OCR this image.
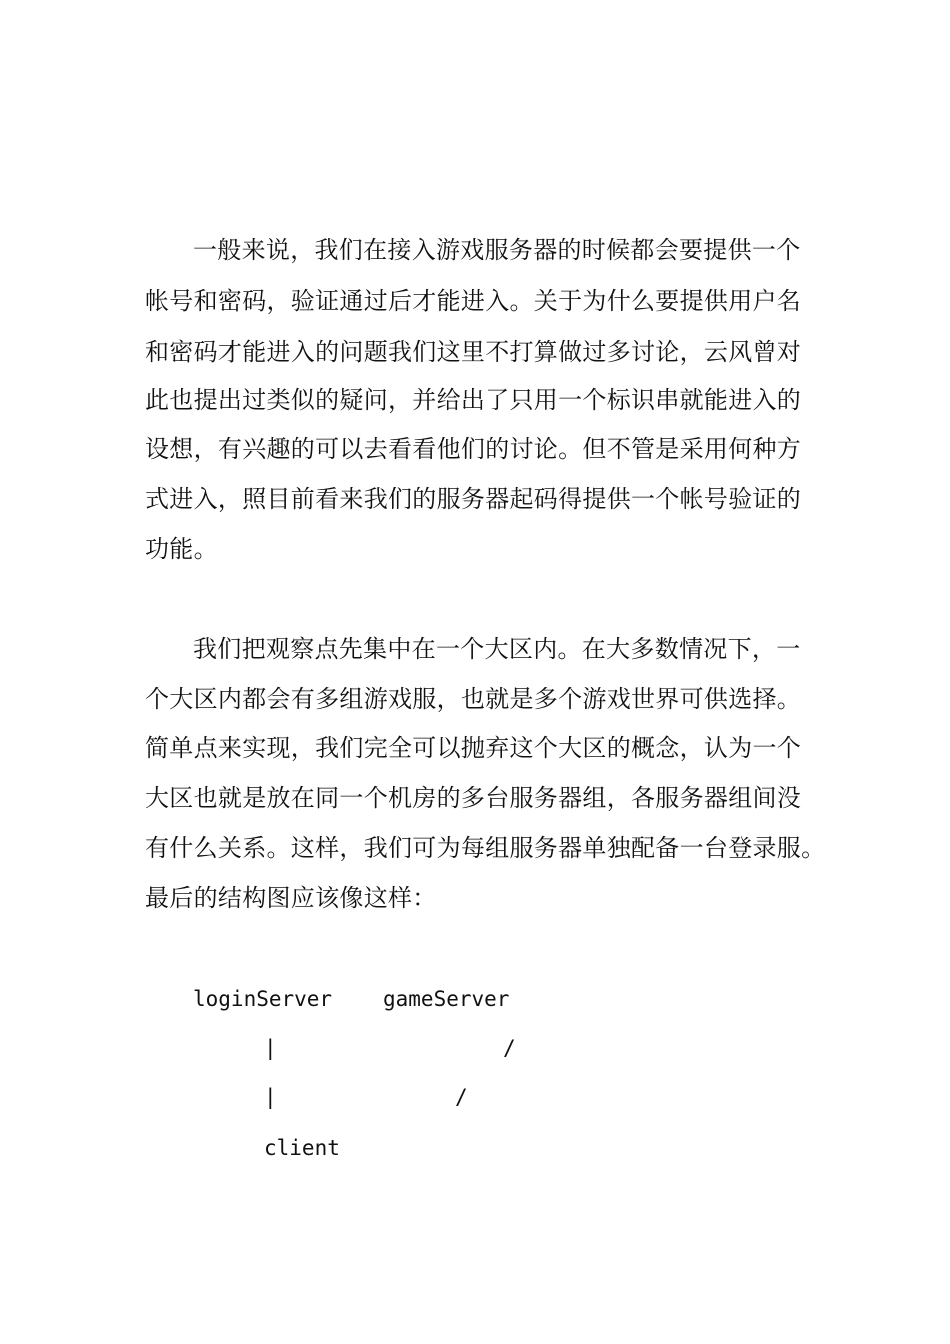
一般来说，我们在接入游戏服务器的时候都会要提供一个
帐号和密码，验证通过后才能进入。关于为什么要提供用户名
和密码才能进入的问题我们这里不打算做过多讨论，云风曾对
此也提出过类似的疑问，并给出了只用一个标识串就能进入的
设想，有兴趣的可以去看看他们的讨论。但不管是采用何种方
式进入，照目前看来我们的服务器起码得提供一个帐号验证的
功能。
我们把观察点先集中在一个大区内。在大多数情况下，一
个大区内都会有多组游戏服，也就是多个游戏世界可供选择。
简单点来实现，我们完全可以抛弃这个大区的概念，认为一个
大区也就是放在同一个机房的多台服务器组，各服务器组间没
有什么关系。这样，我们可为每组服务器单独配备一台登录服。
最后的结构图应该像这样：
loginServer gameServer
|	/
|	/
client
